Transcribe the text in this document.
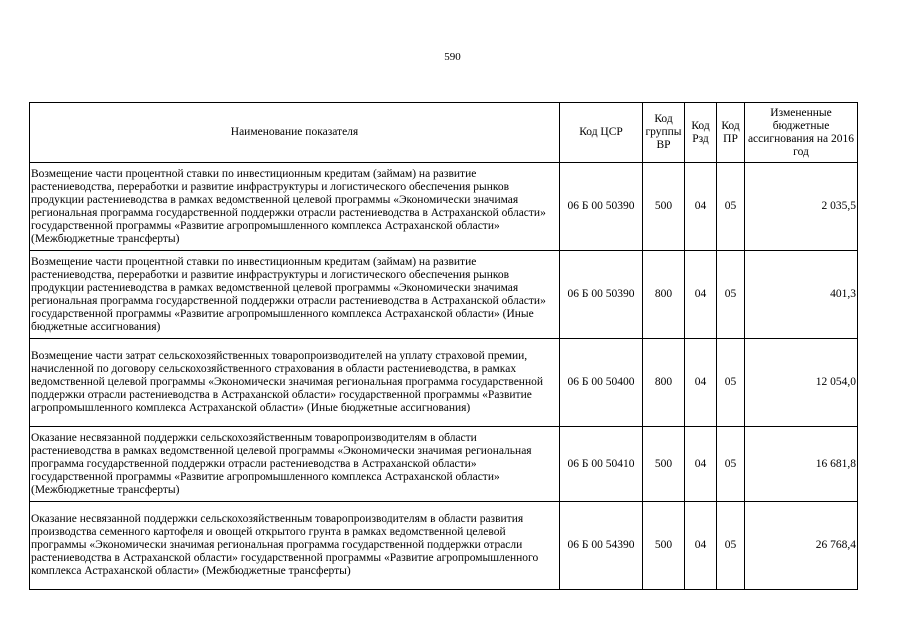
590
Наименование показателя	Код ЦСР	Код группы ВР	Код Рзд	Код ПР	Измененные бюджетные ассигнования на 2016 год
Возмещение части процентной ставки по инвестиционным кредитам (займам) на развитие растениеводства, переработки и развитие инфраструктуры и логистического обеспечения рынков продукции растениеводства в рамках ведомственной целевой программы «Экономически значимая региональная программа государственной поддержки отрасли растениеводства в Астраханской области» государственной программы «Развитие агропромышленного комплекса Астраханской области» (Межбюджетные трансферты)	06 Б 00 50390	500	04	05	2 035,5
Возмещение части процентной ставки по инвестиционным кредитам (займам) на развитие растениеводства, переработки и развитие инфраструктуры и логистического обеспечения рынков продукции растениеводства в рамках ведомственной целевой программы «Экономически значимая региональная программа государственной поддержки отрасли растениеводства в Астраханской области» государственной программы «Развитие агропромышленного комплекса Астраханской области» (Иные бюджетные ассигнования)	06 Б 00 50390	800	04	05	401,3
Возмещение части затрат сельскохозяйственных товаропроизводителей на уплату страховой премии, начисленной по договору сельскохозяйственного страхования в области растениеводства, в рамках ведомственной целевой программы «Экономически значимая региональная программа государственной поддержки отрасли растениеводства в Астраханской области» государственной программы «Развитие агропромышленного комплекса Астраханской области» (Иные бюджетные ассигнования)	06 Б 00 50400	800	04	05	12 054,0
Оказание несвязанной поддержки сельскохозяйственным товаропроизводителям в области растениеводства в рамках ведомственной целевой программы «Экономически значимая региональная программа государственной поддержки отрасли растениеводства в Астраханской области» государственной программы «Развитие агропромышленного комплекса Астраханской области» (Межбюджетные трансферты)	06 Б 00 50410	500	04	05	16 681,8
Оказание несвязанной поддержки сельскохозяйственным товаропроизводителям в области развития производства семенного картофеля и овощей открытого грунта в рамках ведомственной целевой программы «Экономически значимая региональная программа государственной поддержки отрасли растениеводства в Астраханской области» государственной программы «Развитие агропромышленного комплекса Астраханской области» (Межбюджетные трансферты)	06 Б 00 54390	500	04	05	26 768,4
